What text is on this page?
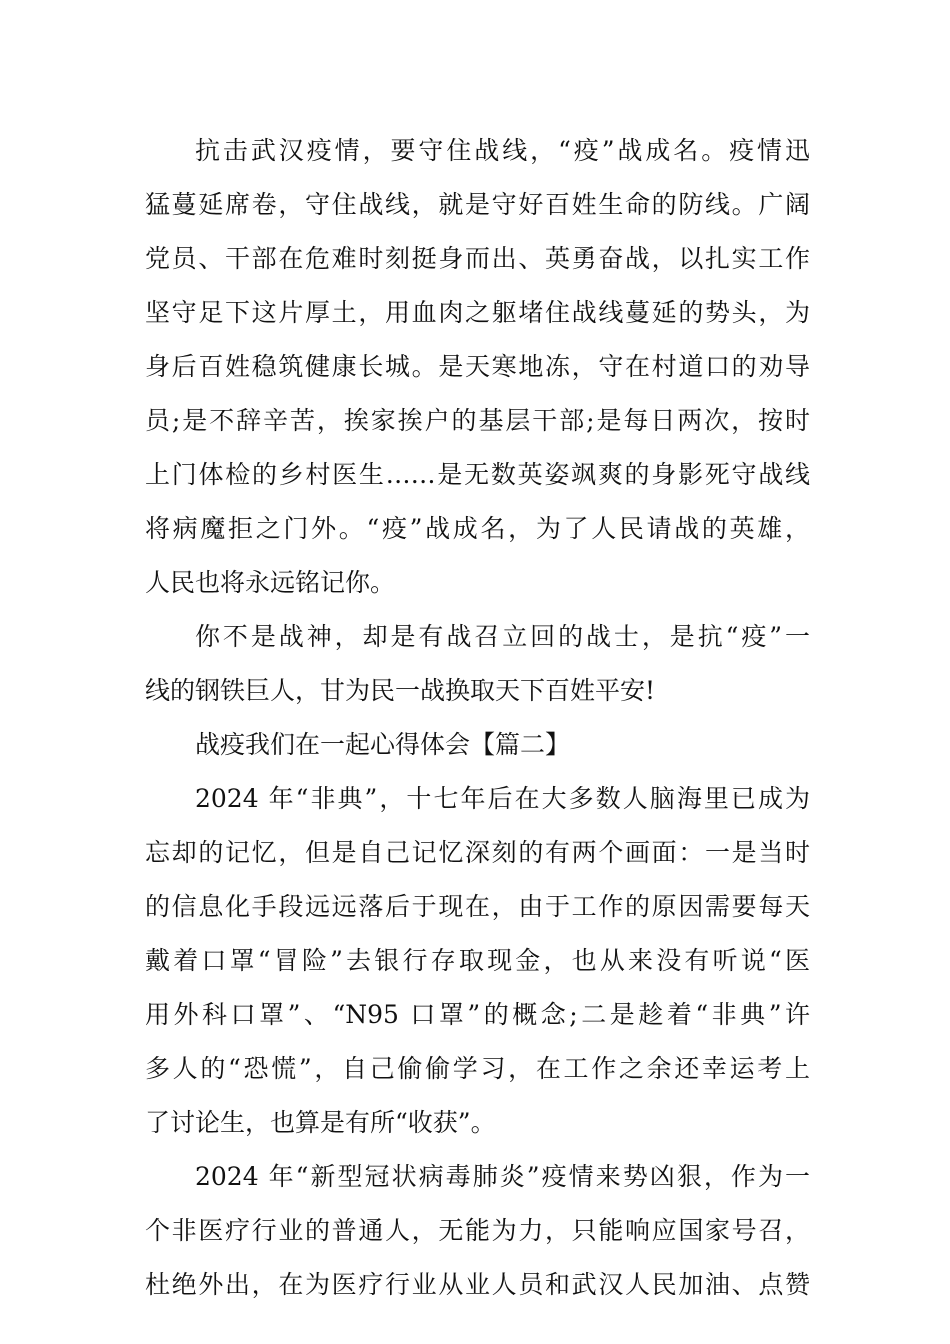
抗击武汉疫情，要守住战线，“疫”战成名。疫情迅
猛蔓延席卷，守住战线，就是守好百姓生命的防线。广阔
党员、干部在危难时刻挺身而出、英勇奋战，以扎实工作
坚守足下这片厚土，用血肉之躯堵住战线蔓延的势头，为
身后百姓稳筑健康长城。是天寒地冻，守在村道口的劝导
员;是不辞辛苦，挨家挨户的基层干部;是每日两次，按时
上门体检的乡村医生……是无数英姿飒爽的身影死守战线
将病魔拒之门外。“疫”战成名，为了人民请战的英雄，
人民也将永远铭记你。
你不是战神，却是有战召立回的战士，是抗“疫”一
线的钢铁巨人，甘为民一战换取天下百姓平安!
战疫我们在一起心得体会【篇二】
2024 年“非典”，十七年后在大多数人脑海里已成为
忘却的记忆，但是自己记忆深刻的有两个画面：一是当时
的信息化手段远远落后于现在，由于工作的原因需要每天
戴着口罩“冒险”去银行存取现金，也从来没有听说“医
用外科口罩”、“N95 口罩”的概念;二是趁着“非典”许
多人的“恐慌”，自己偷偷学习，在工作之余还幸运考上
了讨论生，也算是有所“收获”。
2024 年“新型冠状病毒肺炎”疫情来势凶狠，作为一
个非医疗行业的普通人，无能为力，只能响应国家号召，
杜绝外出，在为医疗行业从业人员和武汉人民加油、点赞
